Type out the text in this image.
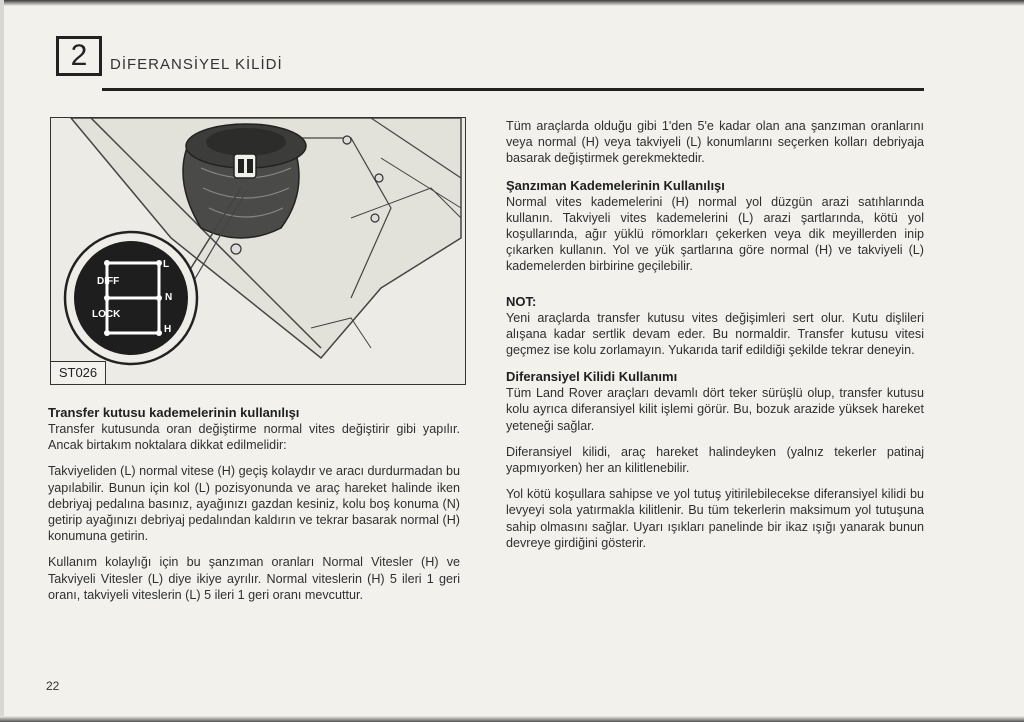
2	DİFERANSİYEL KİLİDİ
DIFF
LOCK
L
N
H
ST026
Transfer kutusu kademelerinin kullanılışı

Transfer kutusunda oran değiştirme normal vites değiştirir gibi yapılır. Ancak birtakım noktalara dikkat edilmelidir:

Takviyeliden (L) normal vitese (H) geçiş kolaydır ve aracı durdurmadan bu yapılabilir. Bunun için kol (L) pozisyonunda ve araç hareket halinde iken debriyaj pedalına basınız, ayağınızı gazdan kesiniz, kolu boş konuma (N) getirip ayağınızı debriyaj pedalından kaldırın ve tekrar basarak normal (H) konumuna getirin.

Kullanım kolaylığı için bu şanzıman oranları Normal Vitesler (H) ve Takviyeli Vitesler (L) diye ikiye ayrılır. Normal viteslerin (H) 5 ileri 1 geri oranı, takviyeli viteslerin (L) 5 ileri 1 geri oranı mevcuttur.

Tüm araçlarda olduğu gibi 1'den 5'e kadar olan ana şanzıman oranlarını veya normal (H) veya takviyeli (L) konumlarını seçerken kolları debriyaja basarak değiştirmek gerekmektedir.

Şanzıman Kademelerinin Kullanılışı

Normal vites kademelerini (H) normal yol düzgün arazi satıhlarında kullanın. Takviyeli vites kademelerini (L) arazi şartlarında, kötü yol koşullarında, ağır yüklü römorkları çekerken veya dik meyillerden inip çıkarken kullanın. Yol ve yük şartlarına göre normal (H) ve takviyeli (L) kademelerden birbirine geçilebilir.

NOT:

Yeni araçlarda transfer kutusu vites değişimleri sert olur. Kutu dişlileri alışana kadar sertlik devam eder. Bu normaldir. Transfer kutusu vitesi geçmez ise kolu zorlamayın. Yukarıda tarif edildiği şekilde tekrar deneyin.

Diferansiyel Kilidi Kullanımı

Tüm Land Rover araçları devamlı dört teker sürüşlü olup, transfer kutusu kolu ayrıca diferansiyel kilit işlemi görür. Bu, bozuk arazide yüksek hareket yeteneği sağlar.

Diferansiyel kilidi, araç hareket halindeyken (yalnız tekerler patinaj yapmıyorken) her an kilitlenebilir.

Yol kötü koşullara sahipse ve yol tutuş yitirilebilecekse diferansiyel kilidi bu levyeyi sola yatırmakla kilitlenir. Bu tüm tekerlerin maksimum yol tutuşuna sahip olmasını sağlar. Uyarı ışıkları panelinde bir ikaz ışığı yanarak bunun devreye girdiğini gösterir.

22
